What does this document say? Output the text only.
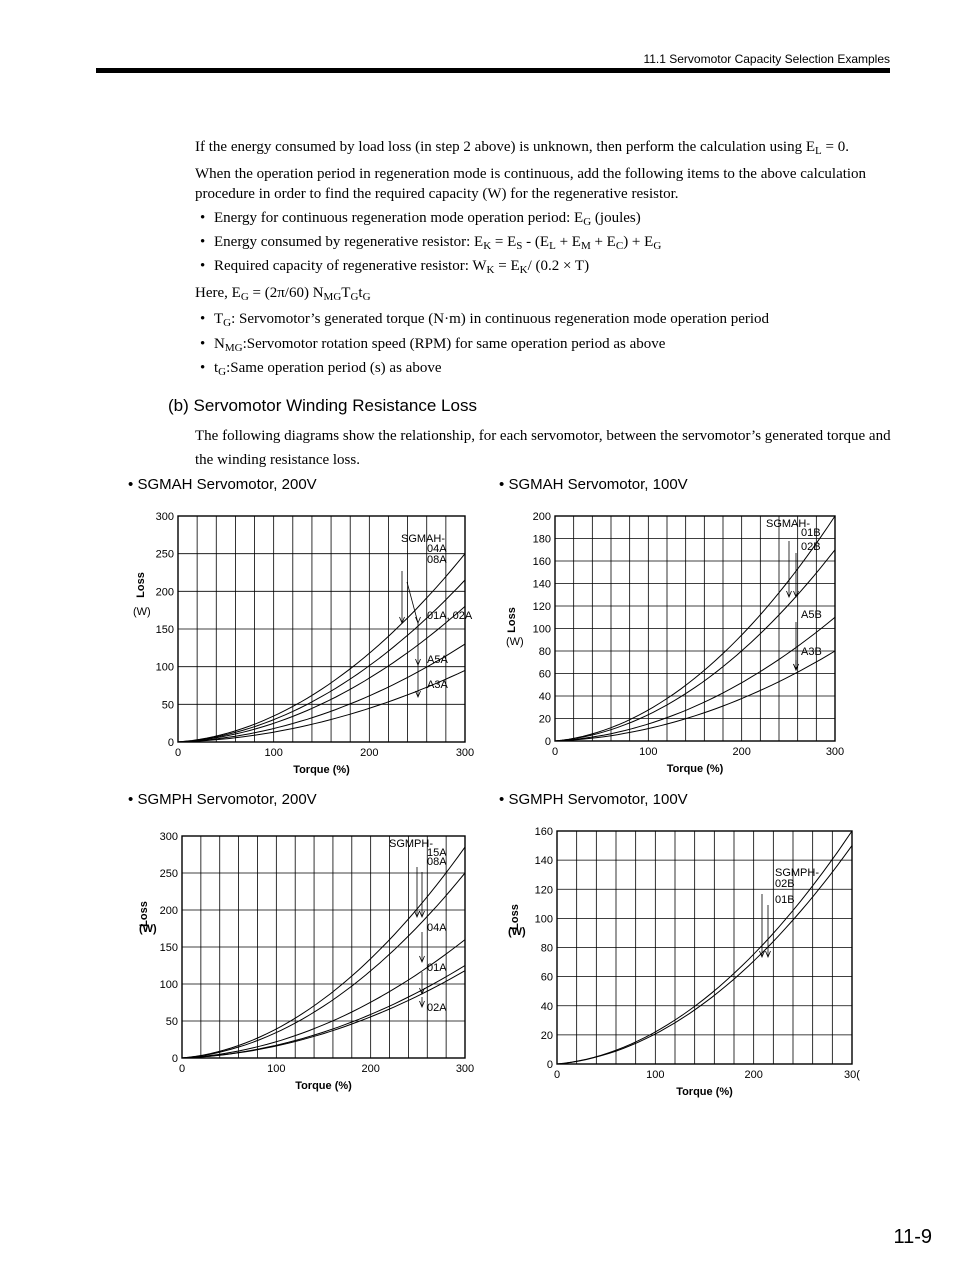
11.1 Servomotor Capacity Selection Examples
If the energy consumed by load loss (in step 2 above) is unknown, then perform the calculation using $E_L = 0$.
When the operation period in regeneration mode is continuous, add the following items to the above calculation procedure in order to find the required capacity (W) for the regenerative resistor.
• Energy for continuous regeneration mode operation period: $E_G$ (joules)
• Energy consumed by regenerative resistor: $E_K = E_S - (E_L + E_M + E_C) + E_G$
• Required capacity of regenerative resistor: $W_K = E_K/$ (0.2 × T)
Here, $E_G = (2\pi/60)$ $N_{MG}T_Gt_G$
• $T_G$: Servomotor’s generated torque (N·m) in continuous regeneration mode operation period
• $N_{MG}:Servomotor$ rotation speed (RPM) for same operation period as above
• $t_G:Same$ operation period (s) as above
(b) Servomotor Winding Resistance Loss
The following diagrams show the relationship, for each servomotor, between the servomotor’s generated torque and the winding resistance loss.
• SGMAH Servomotor, 200V	• SGMAH Servomotor, 100V
• SGMPH Servomotor, 200V	• SGMPH Servomotor, 100V
0
50
100
150
200
250
300
0	100	200	300
Torque (%)
Loss
(W)
SGMAH-
04A
08A
01A, 02A
A5A
A3A
0
20
40
60
80
100
120
140
160
180
200
0	100	200	300
Torque (%)
Loss
(W)
SGMAH-
01B
02B
A5B
A3B
0
50
100
150
200
250
300
0	100	200	300
Torque (%)
Loss
(W)
SGMPH-
15A
08A
04A
01A
02A
0
20
40
60
80
100
120
140
160
0	100	200	30(
Torque (%)
Loss
(W)
SGMPH-
02B
01B
11-9
